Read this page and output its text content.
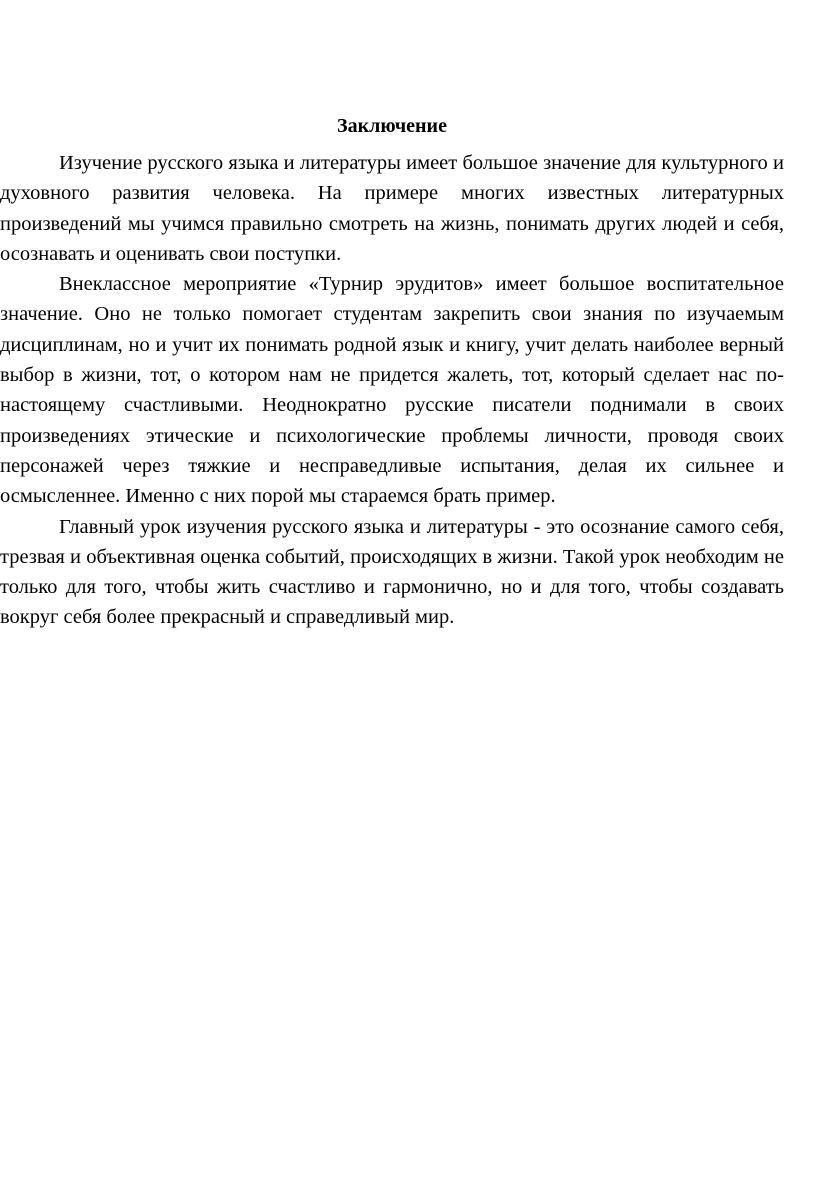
Заключение

Изучение русского языка и литературы имеет большое значение для культурного и духовного развития человека. На примере многих известных литературных произведений мы учимся правильно смотреть на жизнь, понимать других людей и себя, осознавать и оценивать свои поступки.

Внеклассное мероприятие «Турнир эрудитов» имеет большое воспитательное значение. Оно не только помогает студентам закрепить свои знания по изучаемым дисциплинам, но и учит их понимать родной язык и книгу, учит делать наиболее верный выбор в жизни, тот, о котором нам не придется жалеть, тот, который сделает нас по-настоящему счастливыми. Неоднократно русские писатели поднимали в своих произведениях этические и психологические проблемы личности, проводя своих персонажей через тяжкие и несправедливые испытания, делая их сильнее и осмысленнее. Именно с них порой мы стараемся брать пример.

Главный урок изучения русского языка и литературы - это осознание самого себя, трезвая и объективная оценка событий, происходящих в жизни. Такой урок необходим не только для того, чтобы жить счастливо и гармонично, но и для того, чтобы создавать вокруг себя более прекрасный и справедливый мир.
